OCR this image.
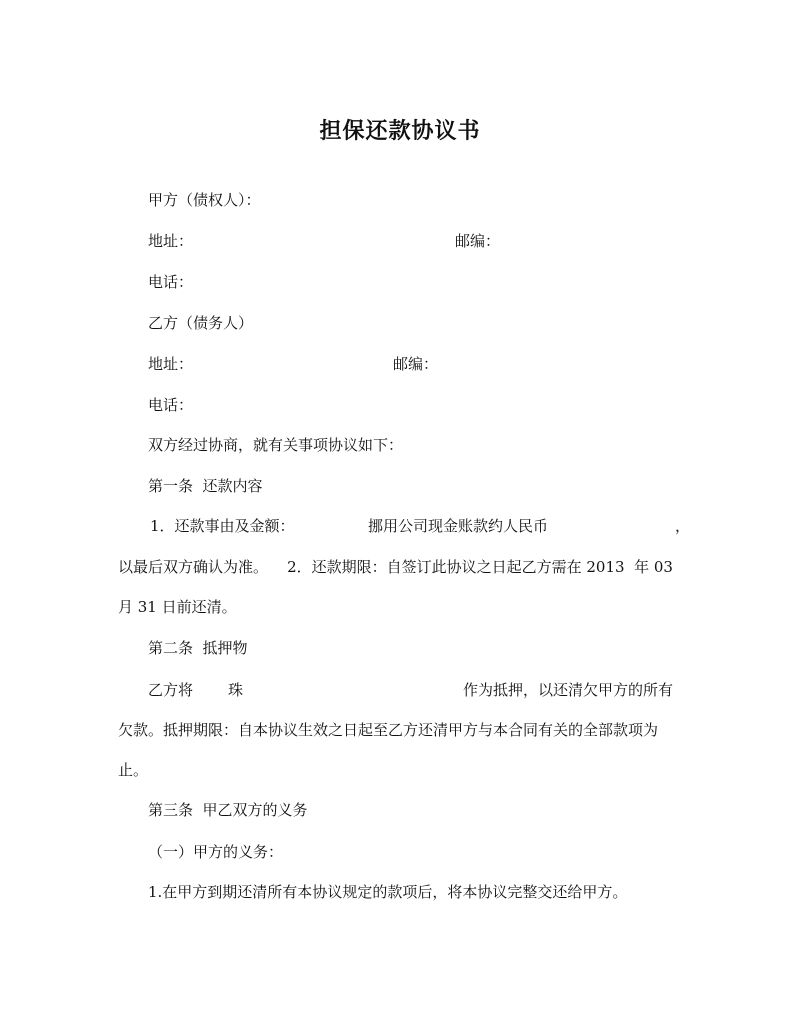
担保还款协议书
甲方（债权人）：
地址：	邮编：
电话：
乙方（债务人）
地址：	邮编：
电话：
双方经过协商，就有关事项协议如下：
第一条  还款内容
1．还款事由及金额：	挪用公司现金账款约人民币	，
以最后双方确认为准。    2．还款期限：自签订此协议之日起乙方需在 2013  年 03
月 31 日前还清。
第二条  抵押物
乙方将 珠	作为抵押，以还清欠甲方的所有
欠款。抵押期限：自本协议生效之日起至乙方还清甲方与本合同有关的全部款项为
止。
第三条  甲乙双方的义务
（一）甲方的义务：
1.在甲方到期还清所有本协议规定的款项后，将本协议完整交还给甲方。
